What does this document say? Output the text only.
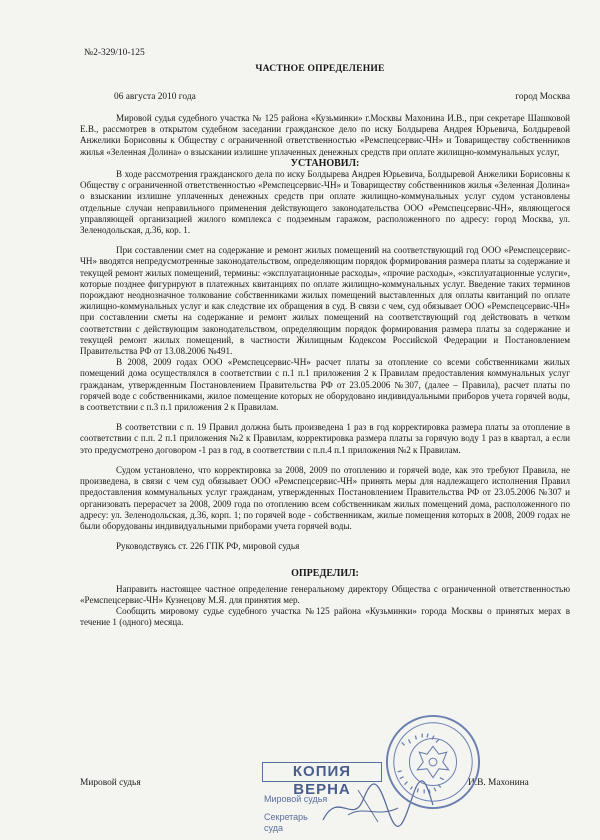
№2-329/10-125
ЧАСТНОЕ ОПРЕДЕЛЕНИЕ
06 августа 2010 года	город Москва

Мировой судья судебного участка № 125 района «Кузьминки» г.Москвы Махонина И.В., при секретаре Шашковой Е.В., рассмотрев в открытом судебном заседании гражданское дело по иску Болдырева Андрея Юрьевича, Болдыревой Анжелики Борисовны к Обществу с ограниченной ответственностью «Ремспецсервис-ЧН» и Товариществу собственников жилья «Зеленная Долина» о взыскании излишне уплаченных денежных средств при оплате жилищно-коммунальных услуг,

УСТАНОВИЛ:

В ходе рассмотрения гражданского дела по иску Болдырева Андрея Юрьевича, Болдыревой Анжелики Борисовны к Обществу с ограниченной ответственностью «Ремспецсервис-ЧН» и Товариществу собственников жилья «Зеленная Долина» о взыскании излишне уплаченных денежных средств при оплате жилищно-коммунальных услуг судом установлены отдельные случаи неправильного применения действующего законодательства ООО «Ремспецсервис-ЧН», являющегося управляющей организацией жилого комплекса с подземным гаражом, расположенного по адресу: город Москва, ул. Зеленодольская, д.36, кор. 1.

При составлении смет на содержание и ремонт жилых помещений на соответствующий год ООО «Ремспецсервис-ЧН» вводятся непредусмотренные законодательством, определяющим порядок формирования размера платы за содержание и текущей ремонт жилых помещений, термины: «эксплуатационные расходы», «прочие расходы», «эксплуатационные услуги», которые позднее фигурируют в платежных квитанциях по оплате жилищно-коммунальных услуг. Введение таких терминов порождают неоднозначное толкование собственниками жилых помещений выставленных для оплаты квитанций по оплате жилищно-коммунальных услуг и как следствие их обращения в суд. В связи с чем, суд обязывает ООО «Ремспецсервис-ЧН» при составлении сметы на содержание и ремонт жилых помещений на соответствующий год действовать в четком соответствии с действующим законодательством, определяющим порядок формирования размера платы за содержание и текущей ремонт жилых помещений, в частности Жилищным Кодексом Российской Федерации и Постановлением Правительства РФ от 13.08.2006 №491.

В 2008, 2009 годах ООО «Ремспецсервис-ЧН» расчет платы за отопление со всеми собственниками жилых помещений дома осуществлялся в соответствии с п.1 п.1 приложения 2 к Правилам предоставления коммунальных услуг гражданам, утвержденным Постановлением Правительства РФ от 23.05.2006 №307, (далее – Правила), расчет платы по горячей воде с собственниками, жилое помещение которых не оборудовано индивидуальными приборов учета горячей воды, в соответствии с п.3 п.1 приложения 2 к Правилам.

В соответствии с п. 19 Правил должна быть произведена 1 раз в год корректировка размера платы за отопление в соответствии с п.п. 2 п.1 приложения №2 к Правилам, корректировка размера платы за горячую воду 1 раз в квартал, а если это предусмотрено договором -1 раз в год, в соответствии с п.п.4 п.1 приложения №2 к Правилам.

Судом установлено, что корректировка за 2008, 2009 по отоплению и горячей воде, как это требуют Правила, не произведена, в связи с чем суд обязывает ООО «Ремспецсервис-ЧН» принять меры для надлежащего исполнения Правил предоставления коммунальных услуг гражданам, утвержденных Постановлением Правительства РФ от 23.05.2006 №307 и организовать перерасчет за 2008, 2009 года по отоплению всем собственникам жилых помещений дома, расположенного по адресу: ул. Зеленодольская, д.36, корп. 1; по горячей воде - собственникам, жилые помещения которых в 2008, 2009 годах не были оборудованы индивидуальными приборами учета горячей воды.

Руководствуясь ст. 226 ГПК РФ, мировой судья

ОПРЕДЕЛИЛ:

Направить настоящее частное определение генеральному директору Общества с ограниченной ответственностью «Ремспецсервис-ЧН» Кузнецову М.Я. для принятия мер.

Сообщить мировому судье судебного участка №125 района «Кузьминки» города Москвы о принятых мерах в течение 1 (одного) месяца.

Мировой судья	И.В. Махонина
КОПИЯ ВЕРНА
Мировой судья
Секретарь
суда
